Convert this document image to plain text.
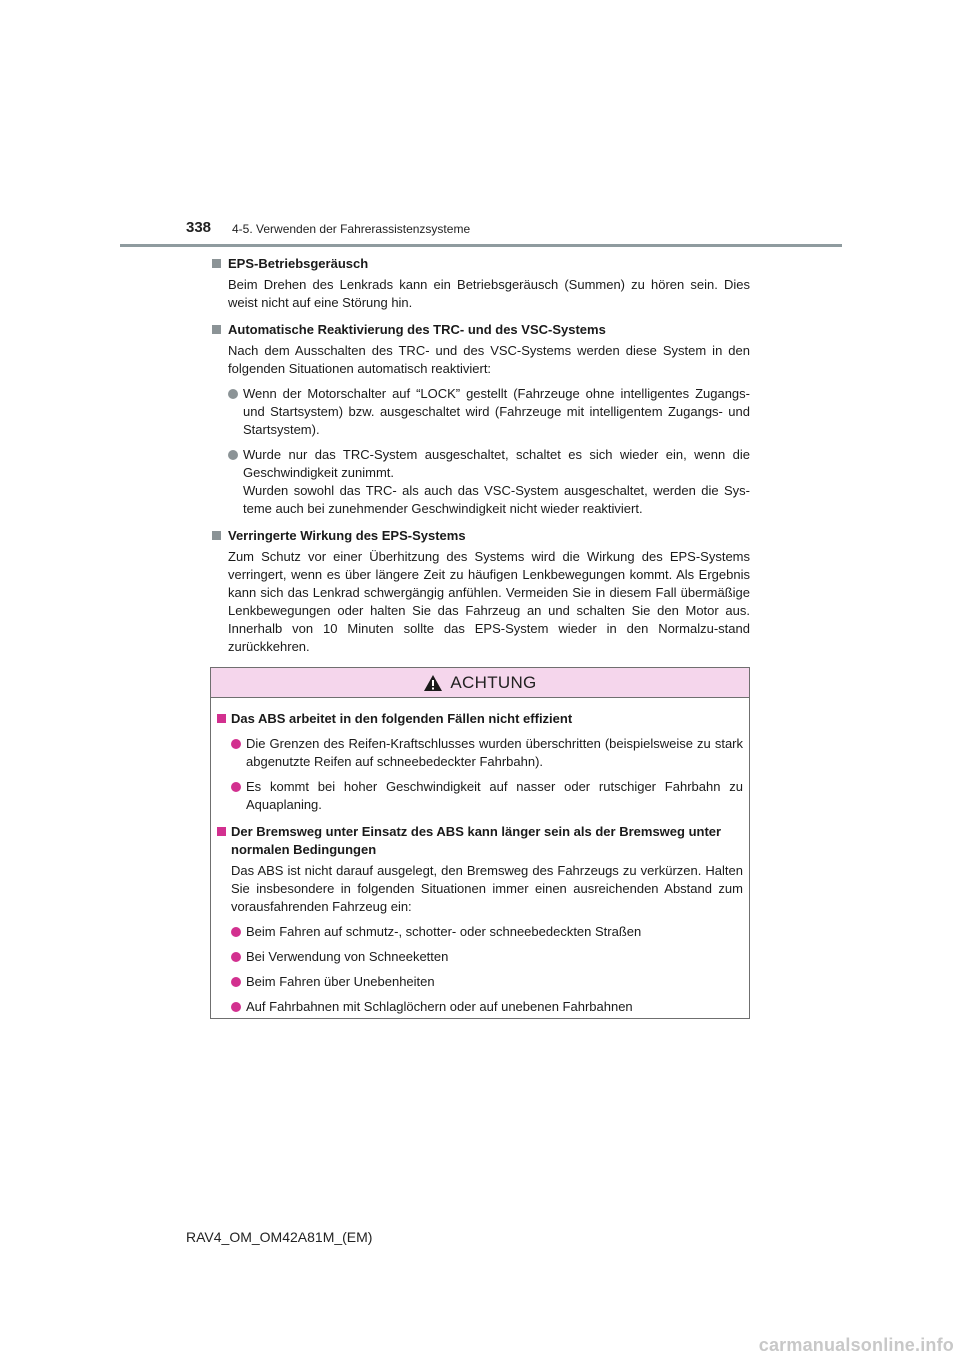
338 4-5. Verwenden der Fahrerassistenzsysteme

EPS-Betriebsgeräusch

Beim Drehen des Lenkrads kann ein Betriebsgeräusch (Summen) zu hören sein. Dies weist nicht auf eine Störung hin.

Automatische Reaktivierung des TRC- und des VSC-Systems

Nach dem Ausschalten des TRC- und des VSC-Systems werden diese System in den folgenden Situationen automatisch reaktiviert:

Wenn der Motorschalter auf “LOCK” gestellt (Fahrzeuge ohne intelligentes Zugangs- und Startsystem) bzw. ausgeschaltet wird (Fahrzeuge mit intelligentem Zugangs- und Startsystem).
Wurde nur das TRC-System ausgeschaltet, schaltet es sich wieder ein, wenn die Geschwindigkeit zunimmt.
Wurden sowohl das TRC- als auch das VSC-System ausgeschaltet, werden die Sys-teme auch bei zunehmender Geschwindigkeit nicht wieder reaktiviert.

Verringerte Wirkung des EPS-Systems

Zum Schutz vor einer Überhitzung des Systems wird die Wirkung des EPS-Systems verringert, wenn es über längere Zeit zu häufigen Lenkbewegungen kommt. Als Ergebnis kann sich das Lenkrad schwergängig anfühlen. Vermeiden Sie in diesem Fall übermäßige Lenkbewegungen oder halten Sie das Fahrzeug an und schalten Sie den Motor aus. Innerhalb von 10 Minuten sollte das EPS-System wieder in den Normalzu-stand zurückkehren.

ACHTUNG

Das ABS arbeitet in den folgenden Fällen nicht effizient

Die Grenzen des Reifen-Kraftschlusses wurden überschritten (beispielsweise zu stark abgenutzte Reifen auf schneebedeckter Fahrbahn).
Es kommt bei hoher Geschwindigkeit auf nasser oder rutschiger Fahrbahn zu Aquaplaning.

Der Bremsweg unter Einsatz des ABS kann länger sein als der Bremsweg unter normalen Bedingungen

Das ABS ist nicht darauf ausgelegt, den Bremsweg des Fahrzeugs zu verkürzen. Halten Sie insbesondere in folgenden Situationen immer einen ausreichenden Abstand zum vorausfahrenden Fahrzeug ein:

Beim Fahren auf schmutz-, schotter- oder schneebedeckten Straßen
Bei Verwendung von Schneeketten
Beim Fahren über Unebenheiten
Auf Fahrbahnen mit Schlaglöchern oder auf unebenen Fahrbahnen
RAV4_OM_OM42A81M_(EM)
carmanualsonline.info
